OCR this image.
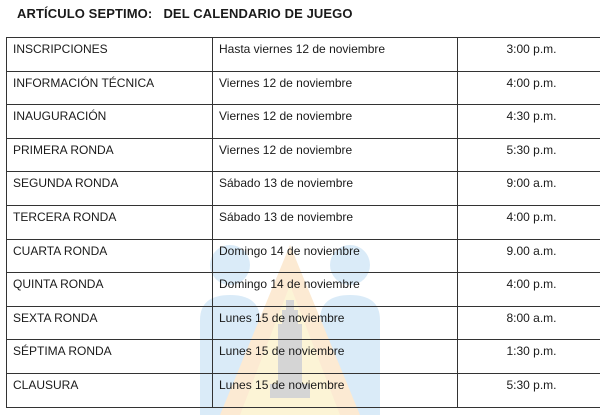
ARTÍCULO SEPTIMO:   DEL CALENDARIO DE JUEGO
INSCRIPCIONES	Hasta viernes 12 de noviembre	3:00 p.m.

INFORMACIÓN TÉCNICA	Viernes 12 de noviembre	4:00 p.m.

INAUGURACIÓN	Viernes 12 de noviembre	4:30 p.m.

PRIMERA RONDA	Viernes 12 de noviembre	5:30 p.m.

SEGUNDA RONDA	Sábado 13 de noviembre	9:00 a.m.

TERCERA RONDA	Sábado 13 de noviembre	4:00 p.m.

CUARTA RONDA	Domingo 14 de noviembre	9.00 a.m.

QUINTA RONDA	Domingo 14 de noviembre	4:00 p.m.

SEXTA RONDA	Lunes 15 de noviembre	8:00 a.m.

SÉPTIMA RONDA	Lunes 15 de noviembre	1:30 p.m.

CLAUSURA	Lunes 15 de noviembre	5:30 p.m.
